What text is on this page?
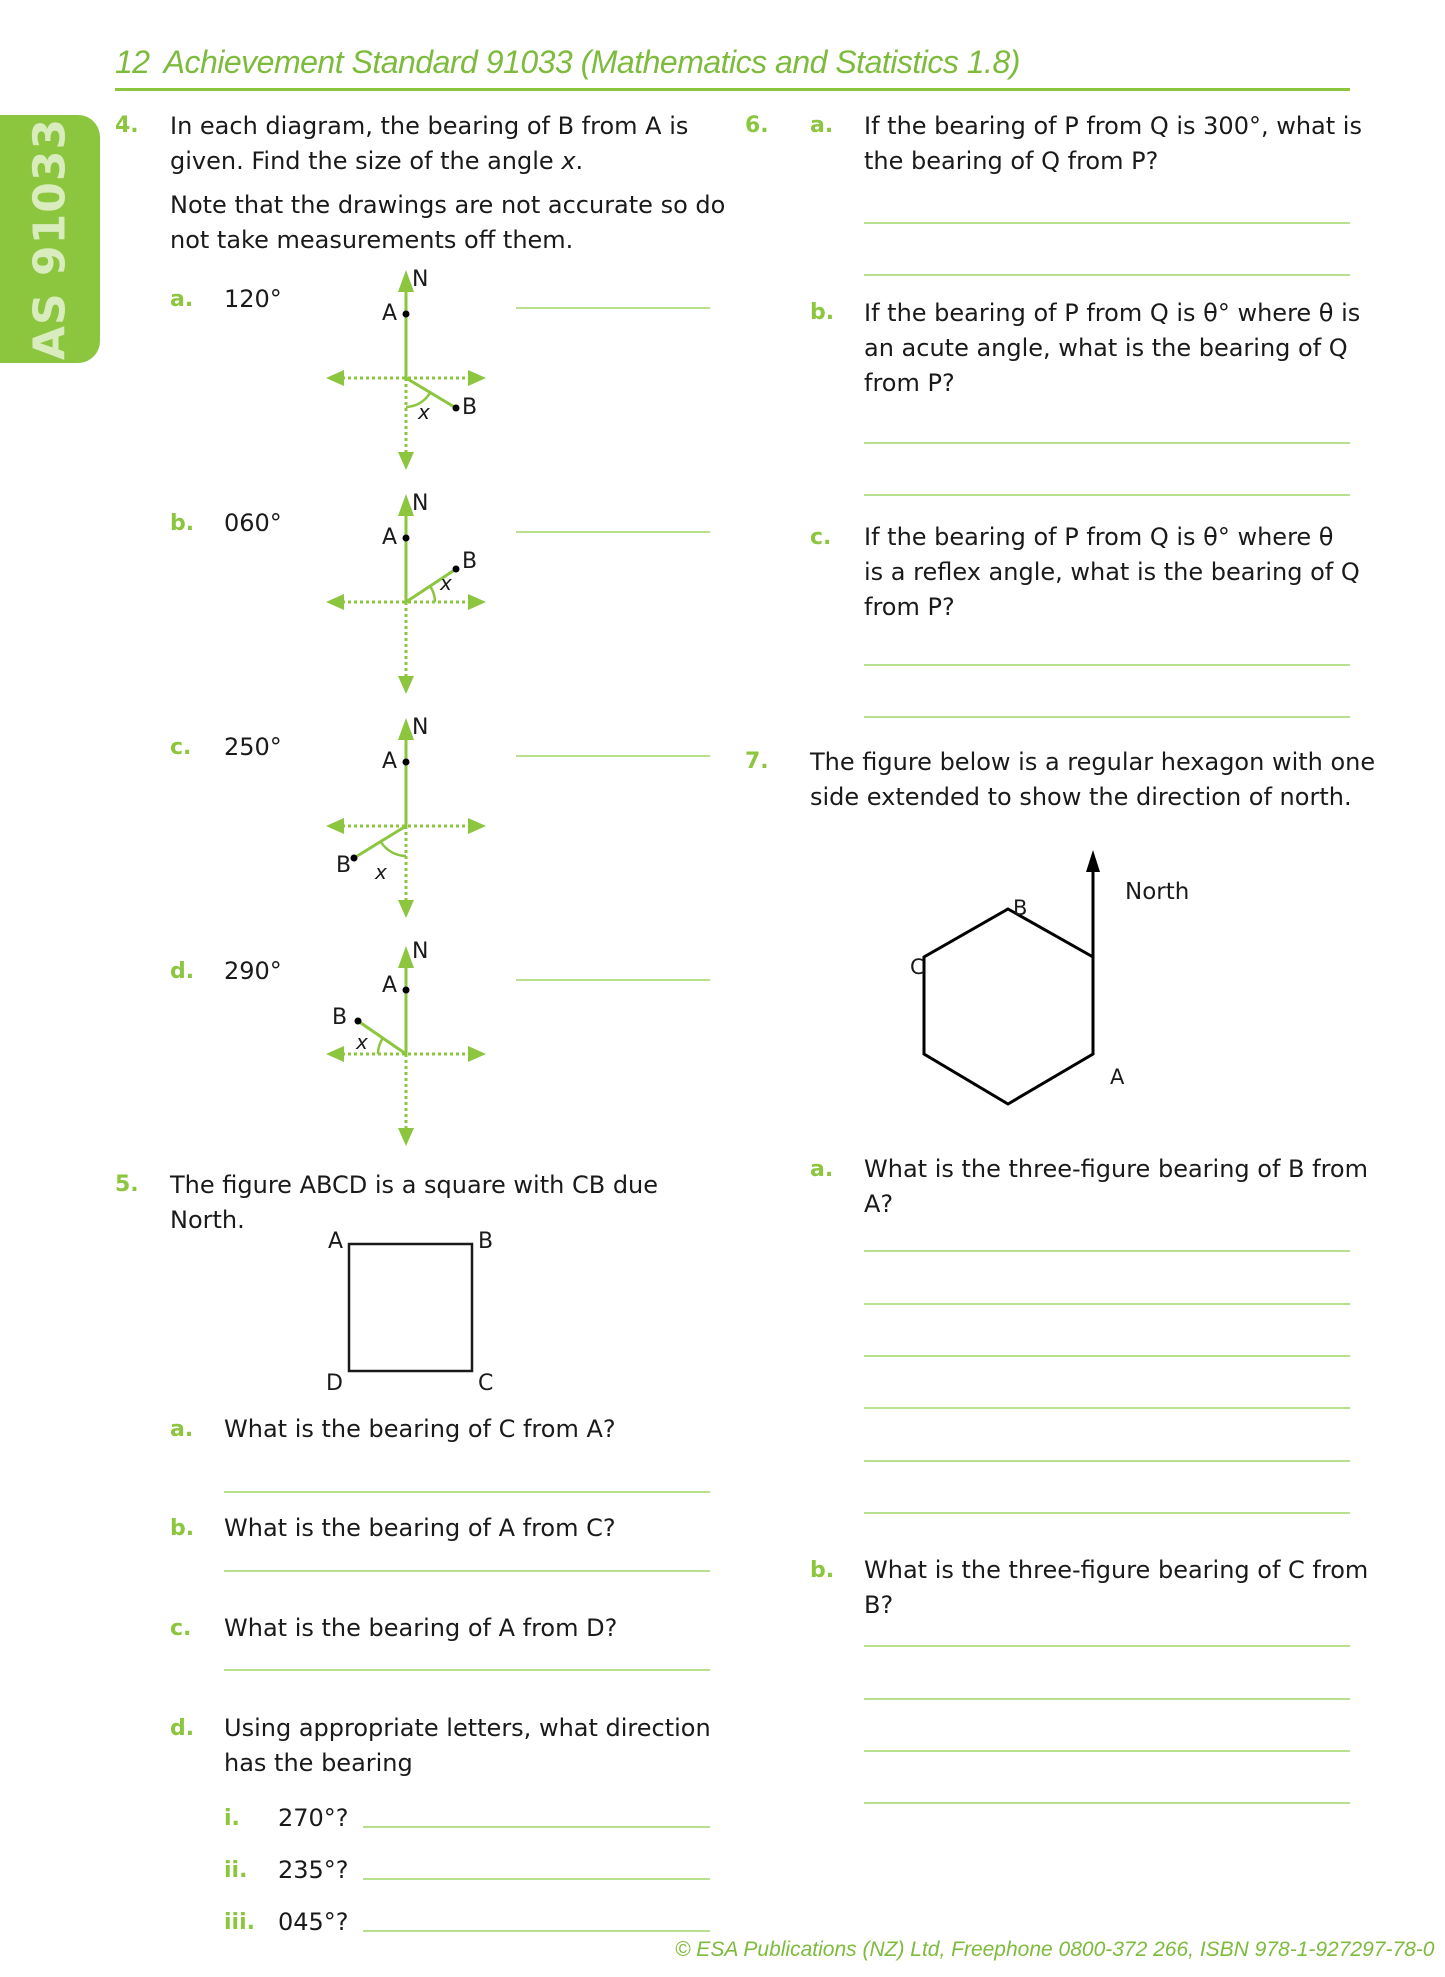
12 Achievement Standard 91033 (Mathematics and Statistics 1.8)
AS 91033 4. In each diagram, the bearing of B from A is
given. Find the size of the angle x.
Note that the drawings are not accurate so do
not take measurements off them.
a. 120°
b. 060°
c. 250°
d. 290°
N
A
B
x
N
A
B
x
N
A
B x
N
A
B
x
5. The figure ABCD is a square with CB due
North.
A	B
C
D
a. What is the bearing of C from A?
b. What is the bearing of A from C?
c. What is the bearing of A from D?
d. Using appropriate letters, what direction
has the bearing
i. 270°?
ii. 235°?
iii. 045°?
6. a. If the bearing of P from Q is 300°, what is
the bearing of Q from P?
b. If the bearing of P from Q is θ° where θ is
an acute angle, what is the bearing of Q
from P?
c. If the bearing of P from Q is θ° where θ
is a reflex angle, what is the bearing of Q
from P?
7. The figure below is a regular hexagon with one
side extended to show the direction of north.
North
B
C
A
a. What is the three-figure bearing of B from
A?
b. What is the three-figure bearing of C from
B?
© ESA Publications (NZ) Ltd, Freephone 0800-372 266, ISBN 978-1-927297-78-0
